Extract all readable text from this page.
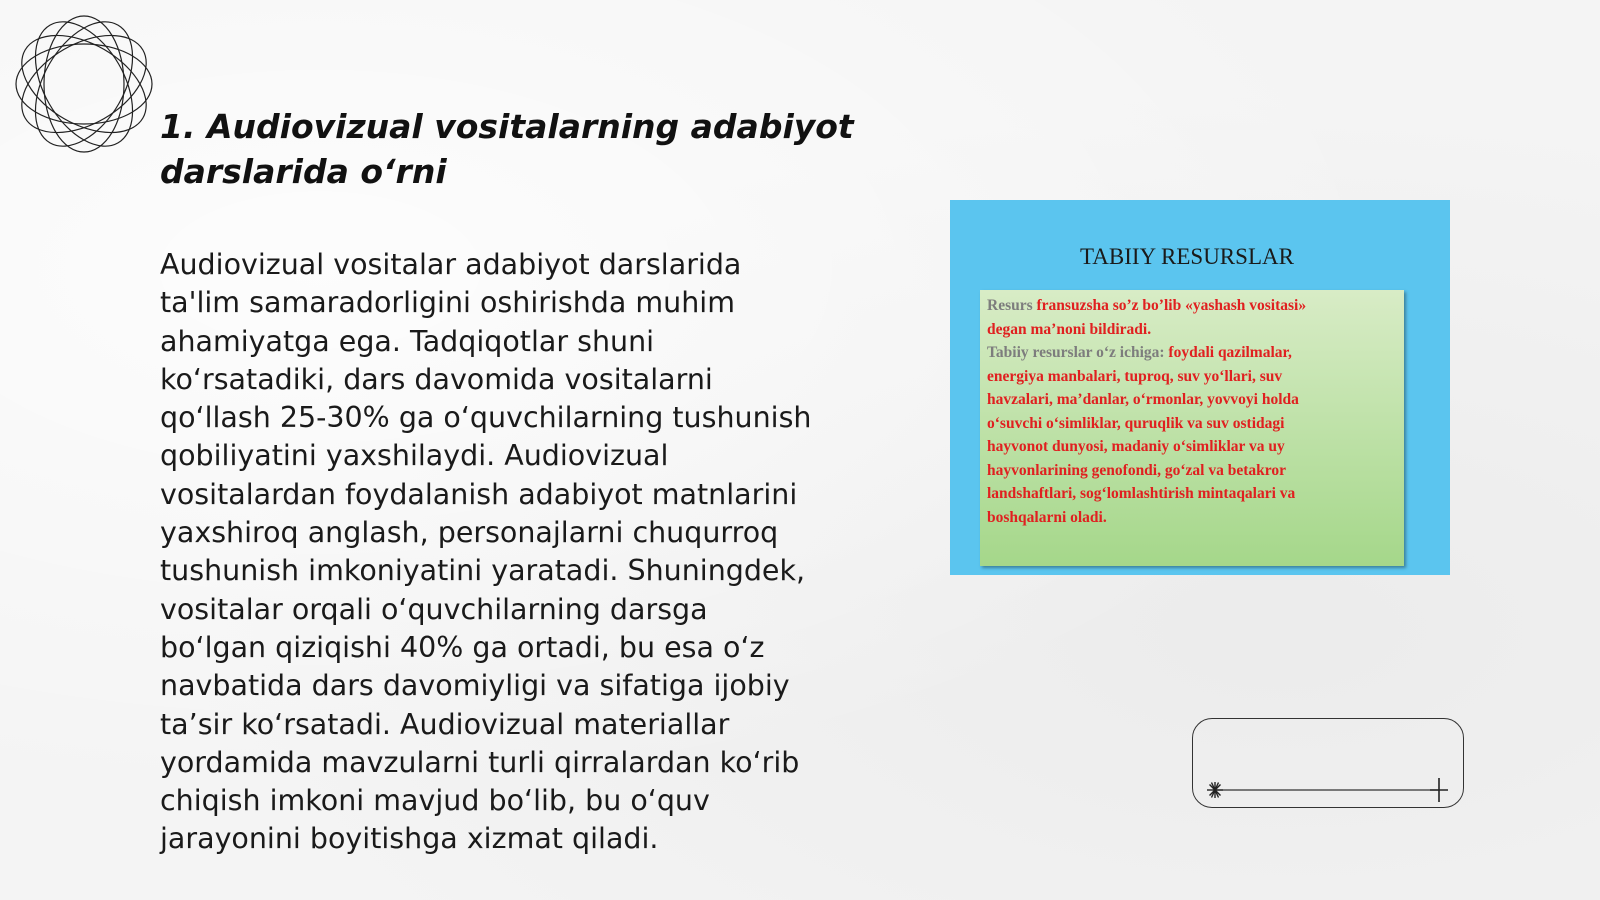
1. Audiovizual vositalarning adabiyot
darslarida o‘rni
Audiovizual vositalar adabiyot darslarida
ta'lim samaradorligini oshirishda muhim
ahamiyatga ega. Tadqiqotlar shuni
ko‘rsatadiki, dars davomida vositalarni
qo‘llash 25-30% ga o‘quvchilarning tushunish
qobiliyatini yaxshilaydi. Audiovizual
vositalardan foydalanish adabiyot matnlarini
yaxshiroq anglash, personajlarni chuqurroq
tushunish imkoniyatini yaratadi. Shuningdek,
vositalar orqali o‘quvchilarning darsga
bo‘lgan qiziqishi 40% ga ortadi, bu esa o‘z
navbatida dars davomiyligi va sifatiga ijobiy
ta’sir ko‘rsatadi. Audiovizual materiallar
yordamida mavzularni turli qirralardan ko‘rib
chiqish imkoni mavjud bo‘lib, bu o‘quv
jarayonini boyitishga xizmat qiladi.
TABIIY RESURSLAR
Resurs fransuzsha so’z bo’lib «yashash vositasi»
degan ma’noni bildiradi.
Tabiiy resurslar o‘z ichiga: foydali qazilmalar,
energiya manbalari, tuproq, suv yo‘llari, suv
havzalari, ma’danlar, o‘rmonlar, yovvoyi holda
o‘suvchi o‘simliklar, quruqlik va suv ostidagi
hayvonot dunyosi, madaniy o‘simliklar va uy
hayvonlarining genofondi, go‘zal va betakror
landshaftlari, sog‘lomlashtirish mintaqalari va
boshqalarni oladi.
